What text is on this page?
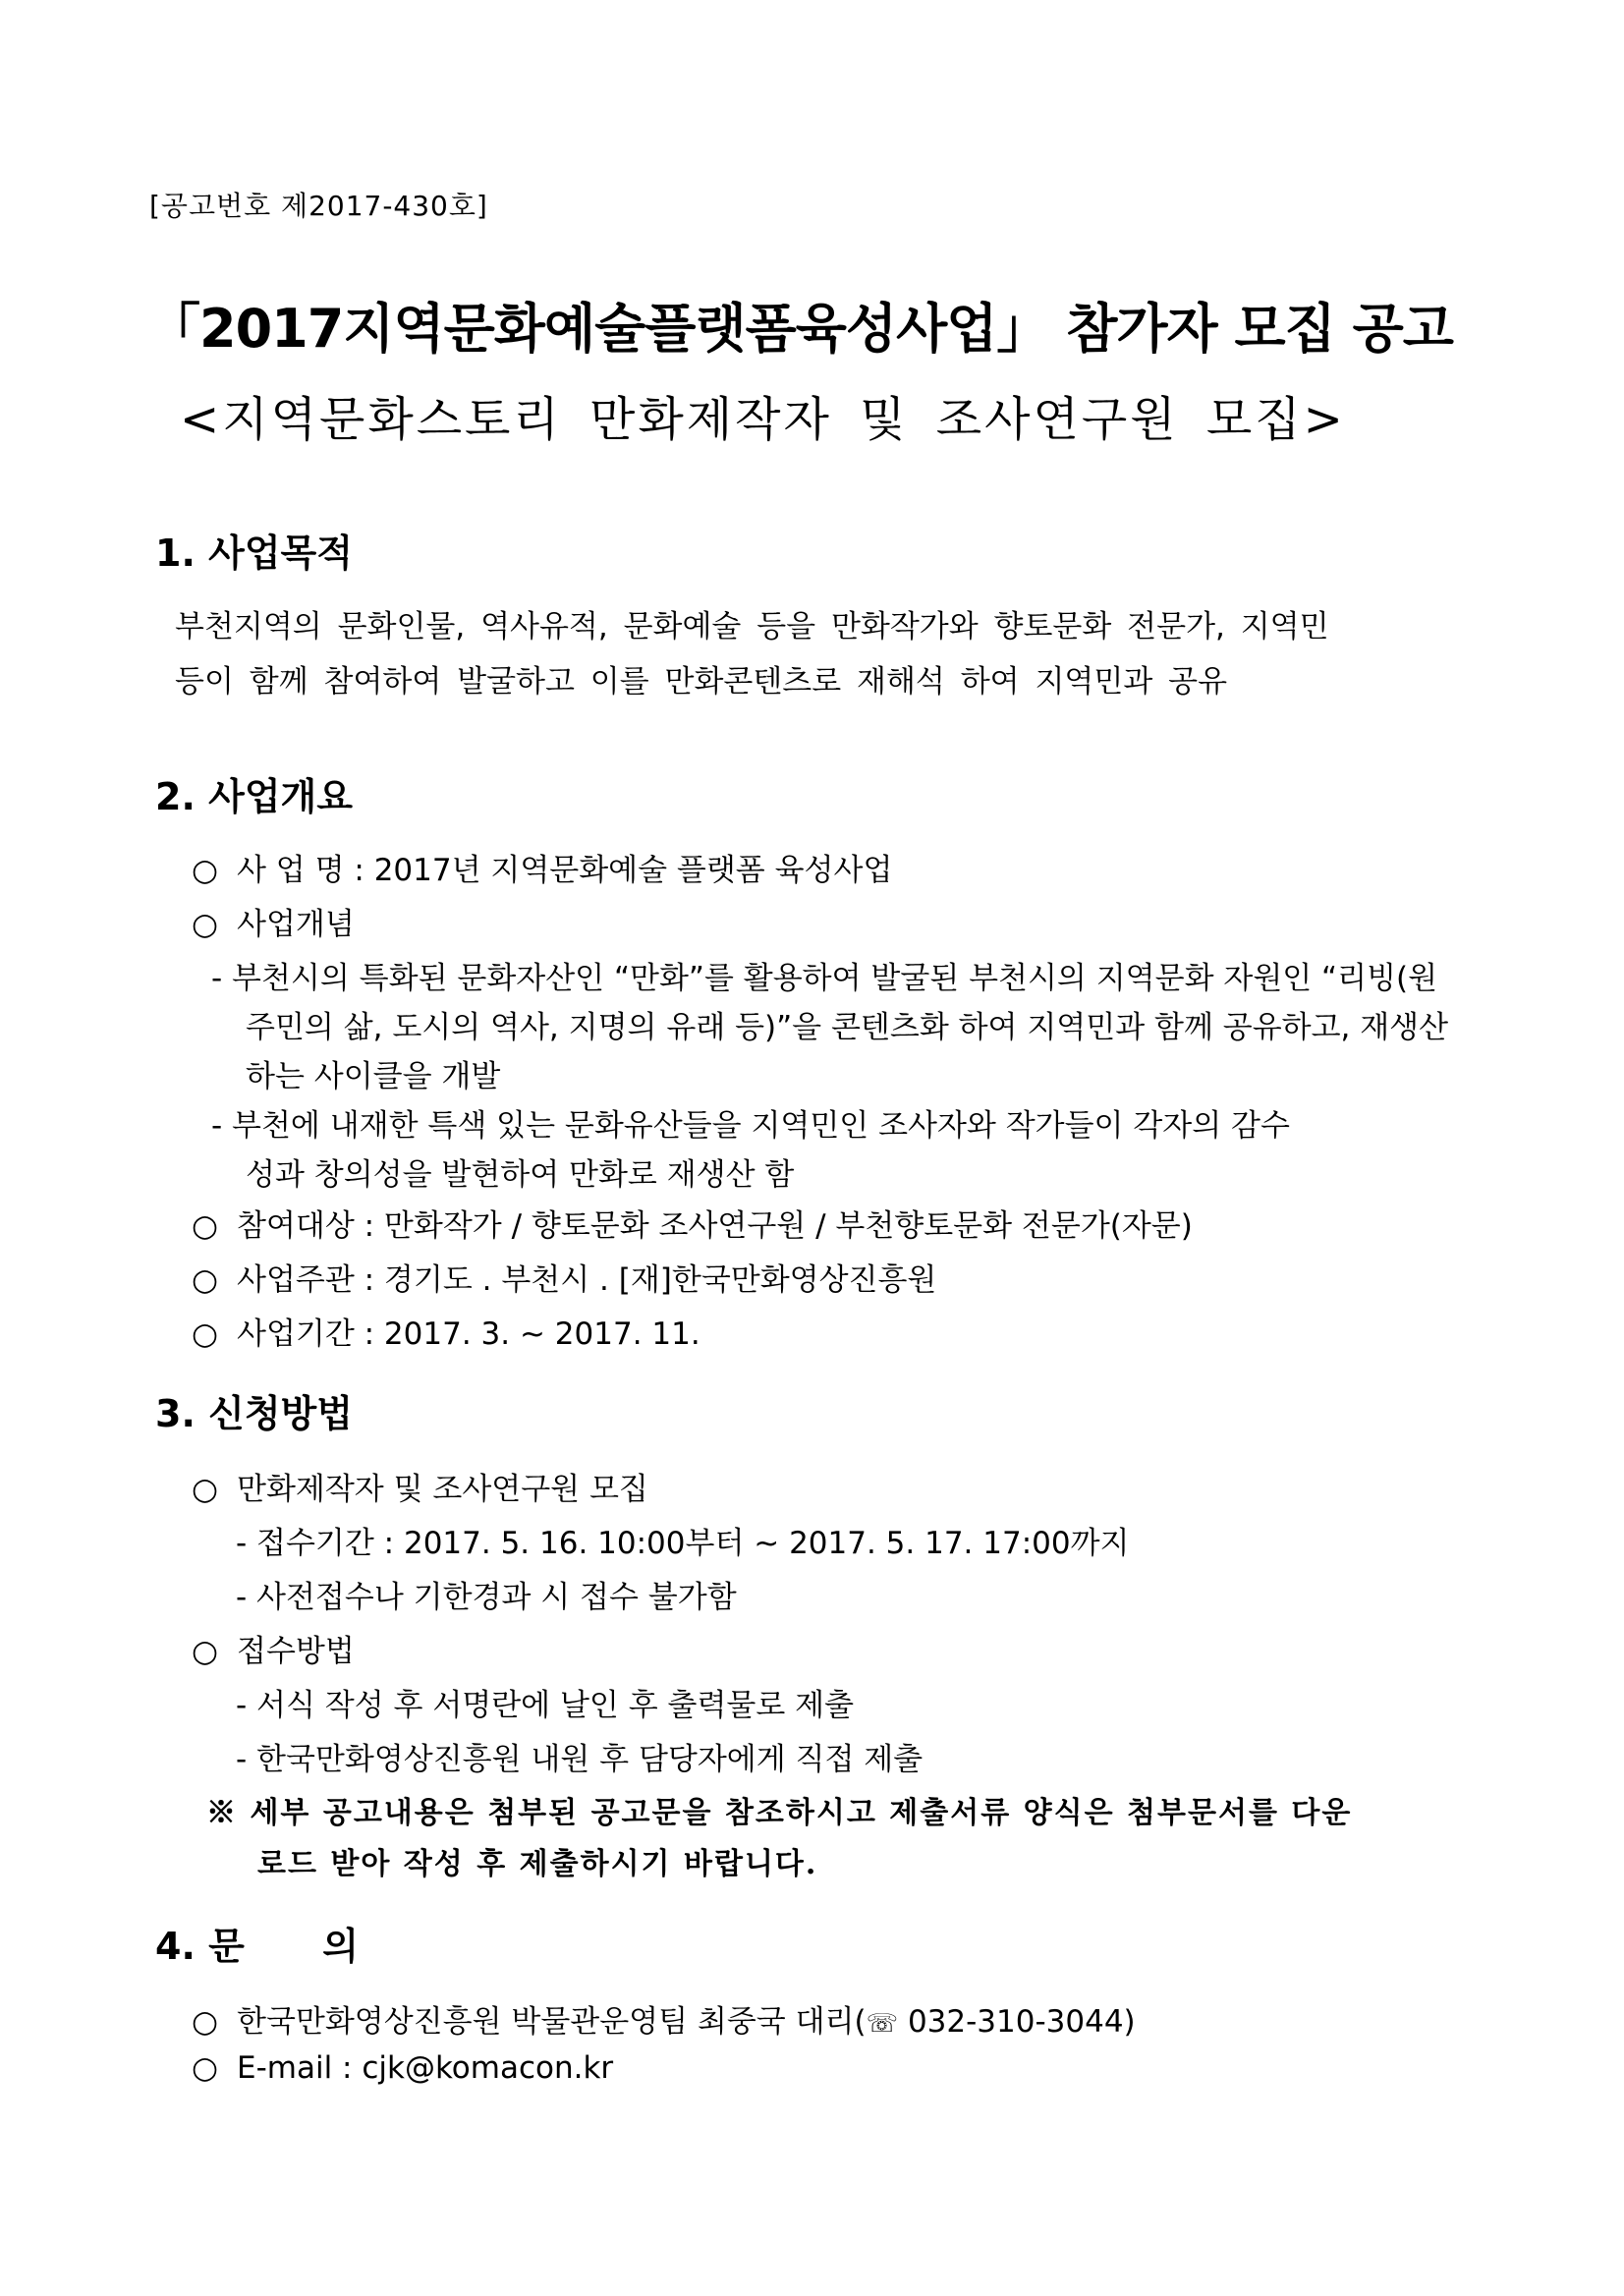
[공고번호 제2017-430호]
「2017지역문화예술플랫폼육성사업」 참가자 모집 공고
<지역문화스토리 만화제작자 및 조사연구원 모집>
1. 사업목적
부천지역의 문화인물, 역사유적, 문화예술 등을 만화작가와 향토문화 전문가, 지역민
등이 함께 참여하여 발굴하고 이를 만화콘텐츠로 재해석 하여 지역민과 공유
2. 사업개요
○ 사 업 명 : 2017년 지역문화예술 플랫폼 육성사업
○ 사업개념
- 부천시의 특화된 문화자산인 “만화”를 활용하여 발굴된 부천시의 지역문화 자원인 “리빙(원
주민의 삶, 도시의 역사, 지명의 유래 등)”을 콘텐츠화 하여 지역민과 함께 공유하고, 재생산
하는 사이클을 개발
- 부천에 내재한 특색 있는 문화유산들을 지역민인 조사자와 작가들이 각자의 감수
성과 창의성을 발현하여 만화로 재생산 함
○ 참여대상 : 만화작가 / 향토문화 조사연구원 / 부천향토문화 전문가(자문)
○ 사업주관 : 경기도 . 부천시 . [재]한국만화영상진흥원
○ 사업기간 : 2017. 3. ~ 2017. 11.
3. 신청방법
○ 만화제작자 및 조사연구원 모집
- 접수기간 : 2017. 5. 16. 10:00부터 ~ 2017. 5. 17. 17:00까지
- 사전접수나 기한경과 시 접수 불가함
○ 접수방법
- 서식 작성 후 서명란에 날인 후 출력물로 제출
- 한국만화영상진흥원 내원 후 담당자에게 직접 제출
※ 세부 공고내용은 첨부된 공고문을 참조하시고 제출서류 양식은 첨부문서를 다운
로드 받아 작성 후 제출하시기 바랍니다.
4. 문      의
○ 한국만화영상진흥원 박물관운영팀 최중국 대리(☏ 032-310-3044)
○ E-mail : cjk@komacon.kr
